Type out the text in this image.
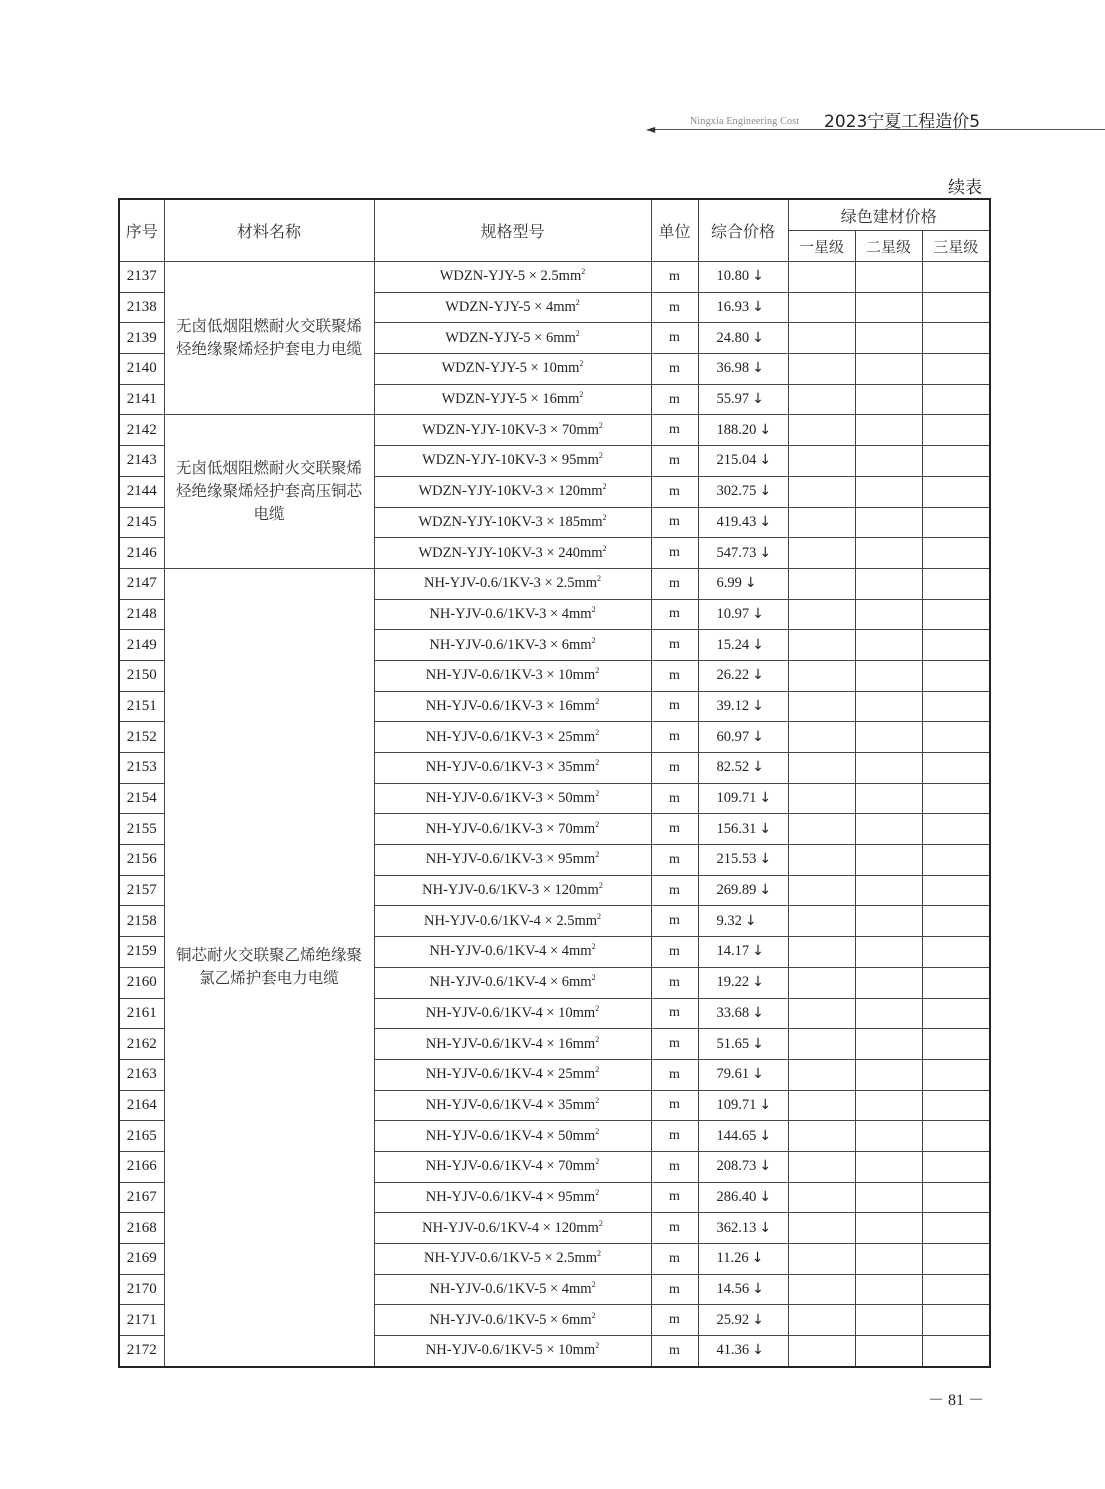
◄
Ningxia Engineering Cost 2023宁夏工程造价5
续表
序号	材料名称	规格型号	单位	综合价格	绿色建材价格		
					一星级	二星级	三星级
2137	无卤低烟阻燃耐火交联聚烯烃绝缘聚烯烃护套电力电缆	WDZN-YJY-5 × $2.5mm^2$	m	10.80 ↓			
2138		WDZN-YJY-5 × $4mm^2$	m	16.93 ↓			
2139		WDZN-YJY-5 × $6mm^2$	m	24.80 ↓			
2140		WDZN-YJY-5 × $10mm^2$	m	36.98 ↓			
2141		WDZN-YJY-5 × $16mm^2$	m	55.97 ↓			
2142	无卤低烟阻燃耐火交联聚烯烃绝缘聚烯烃护套高压铜芯电缆	WDZN-YJY-10KV-3 × $70mm^2$	m	188.20 ↓			
2143		WDZN-YJY-10KV-3 × $95mm^2$	m	215.04 ↓			
2144		WDZN-YJY-10KV-3 × $120mm^2$	m	302.75 ↓			
2145		WDZN-YJY-10KV-3 × $185mm^2$	m	419.43 ↓			
2146		WDZN-YJY-10KV-3 × $240mm^2$	m	547.73 ↓			
2147	铜芯耐火交联聚乙烯绝缘聚氯乙烯护套电力电缆	$NH-YJV-0.6/1KV-3 \times 2.5mm^2$	m	6.99 ↓			
2148		$NH-YJV-0.6/1KV-3 \times 4mm^2$	m	10.97 ↓			
2149		$NH-YJV-0.6/1KV-3 \times 6mm^2$	m	15.24 ↓			
2150		$NH-YJV-0.6/1KV-3 \times 10mm^2$	m	26.22 ↓			
2151		$NH-YJV-0.6/1KV-3 \times 16mm^2$	m	39.12 ↓			
2152		$NH-YJV-0.6/1KV-3 \times 25mm^2$	m	60.97 ↓			
2153		$NH-YJV-0.6/1KV-3 \times 35mm^2$	m	82.52 ↓			
2154		$NH-YJV-0.6/1KV-3 \times 50mm^2$	m	109.71 ↓			
2155		$NH-YJV-0.6/1KV-3 \times 70mm^2$	m	156.31 ↓			
2156		$NH-YJV-0.6/1KV-3 \times 95mm^2$	m	215.53 ↓			
2157		$NH-YJV-0.6/1KV-3 \times 120mm^2$	m	269.89 ↓			
2158		$NH-YJV-0.6/1KV-4 \times 2.5mm^2$	m	9.32 ↓			
2159		$NH-YJV-0.6/1KV-4 \times 4mm^2$	m	14.17 ↓			
2160		$NH-YJV-0.6/1KV-4 \times 6mm^2$	m	19.22 ↓			
2161		$NH-YJV-0.6/1KV-4 \times 10mm^2$	m	33.68 ↓			
2162		$NH-YJV-0.6/1KV-4 \times 16mm^2$	m	51.65 ↓			
2163		$NH-YJV-0.6/1KV-4 \times 25mm^2$	m	79.61 ↓			
2164		$NH-YJV-0.6/1KV-4 \times 35mm^2$	m	109.71 ↓			
2165		$NH-YJV-0.6/1KV-4 \times 50mm^2$	m	144.65 ↓			
2166		$NH-YJV-0.6/1KV-4 \times 70mm^2$	m	208.73 ↓			
2167		$NH-YJV-0.6/1KV-4 \times 95mm^2$	m	286.40 ↓			
2168		$NH-YJV-0.6/1KV-4 \times 120mm^2$	m	362.13 ↓			
2169		$NH-YJV-0.6/1KV-5 \times 2.5mm^2$	m	11.26 ↓			
2170		$NH-YJV-0.6/1KV-5 \times 4mm^2$	m	14.56 ↓			
2171		$NH-YJV-0.6/1KV-5 \times 6mm^2$	m	25.92 ↓			
2172		$NH-YJV-0.6/1KV-5 \times 10mm^2$	m	41.36 ↓			
－ 81 －
